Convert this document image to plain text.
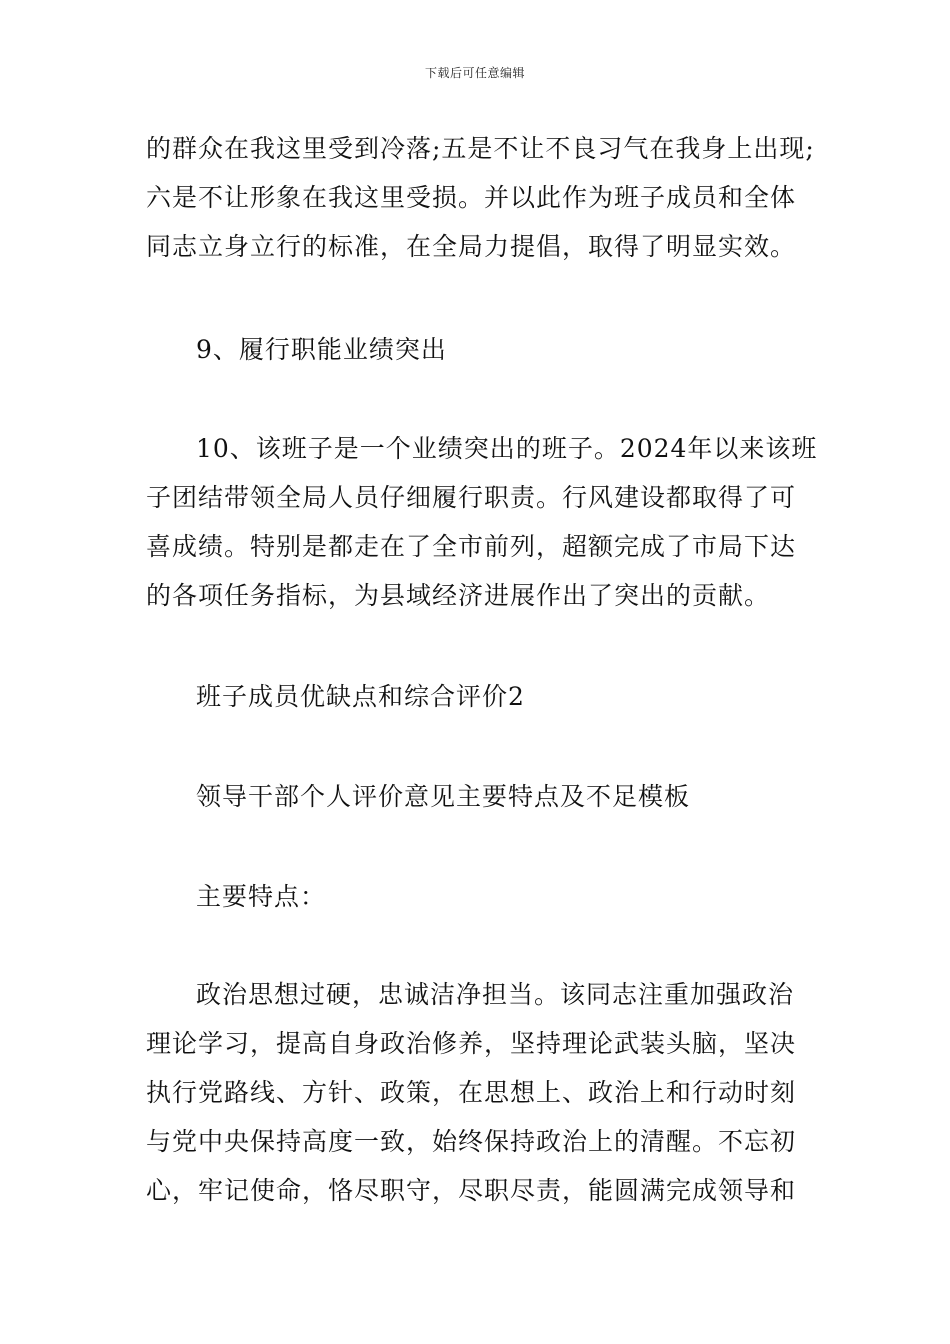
下载后可任意编辑

的群众在我这里受到冷落;五是不让不良习气在我身上出现;
六是不让形象在我这里受损。并以此作为班子成员和全体
同志立身立行的标准，在全局力提倡，取得了明显实效。

9、履行职能业绩突出

10、该班子是一个业绩突出的班子。2024年以来该班
子团结带领全局人员仔细履行职责。行风建设都取得了可
喜成绩。特别是都走在了全市前列，超额完成了市局下达
的各项任务指标，为县域经济进展作出了突出的贡献。

班子成员优缺点和综合评价2

领导干部个人评价意见主要特点及不足模板

主要特点：

政治思想过硬，忠诚洁净担当。该同志注重加强政治
理论学习，提高自身政治修养，坚持理论武装头脑，坚决
执行党路线、方针、政策，在思想上、政治上和行动时刻
与党中央保持高度一致，始终保持政治上的清醒。不忘初
心，牢记使命，恪尽职守，尽职尽责，能圆满完成领导和
